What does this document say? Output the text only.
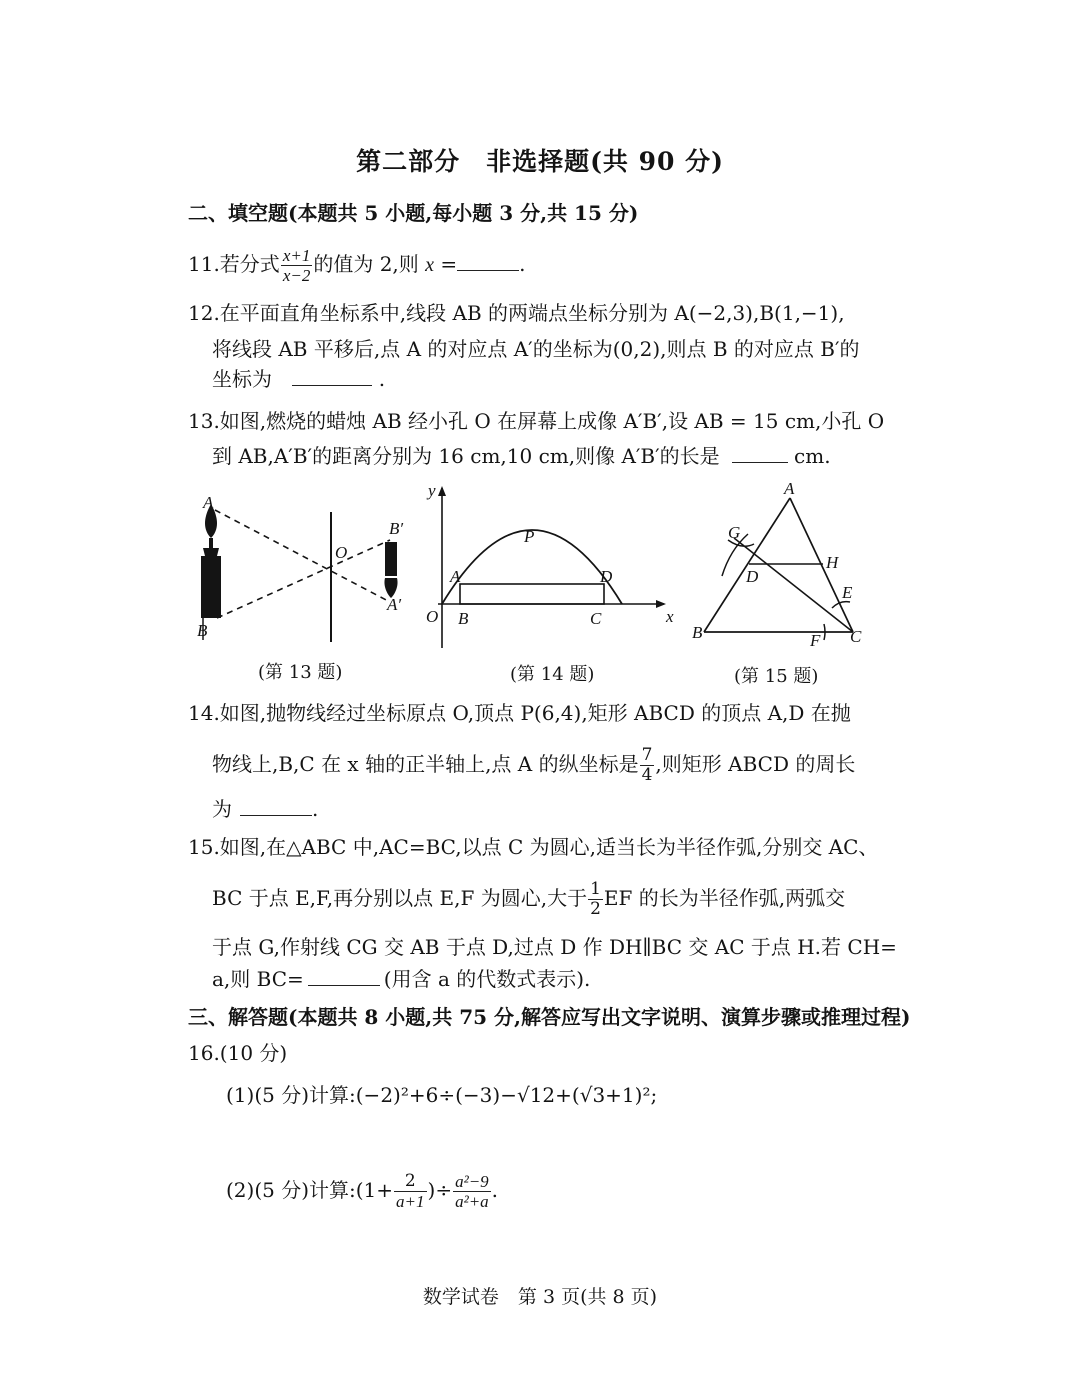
第二部分　非选择题(共 90 分)
二、填空题(本题共 5 小题,每小题 3 分,共 15 分)
11.若分式 $\frac{x+1}{x-2}$ 的值为 2,则 x =	.
12.在平面直角坐标系中,线段 AB 的两端点坐标分别为 A(−2,3),B(1,−1),
将线段 AB 平移后,点 A 的对应点 A′的坐标为(0,2),则点 B 的对应点 B′的
坐标为	.
13.如图,燃烧的蜡烛 AB 经小孔 O 在屏幕上成像 A′B′,设 AB = 15 cm,小孔 O
到 AB,A′B′的距离分别为 16 cm,10 cm,则像 A′B′的长是	cm.
A
B
O
B′
A′
(第 13 题)
y
x
O
P
A	D
B	C
(第 14 题)
A
G
D
H
E
B	F C
(第 15 题)
14.如图,抛物线经过坐标原点 O,顶点 P(6,4),矩形 ABCD 的顶点 A,D 在抛
物线上,B,C 在 x 轴的正半轴上,点 A 的纵坐标是 $\frac{7}{4}$ ,则矩形 ABCD 的周长
为	.
15.如图,在△ABC 中,AC=BC,以点 C 为圆心,适当长为半径作弧,分别交 AC、
BC 于点 E,F,再分别以点 E,F 为圆心,大于 $\frac{1}{2}$ EF 的长为半径作弧,两弧交
于点 G,作射线 CG 交 AB 于点 D,过点 D 作 DH∥BC 交 AC 于点 H.若 CH=
a,则 BC=	(用含 a 的代数式表示).
三、解答题(本题共 8 小题,共 75 分,解答应写出文字说明、演算步骤或推理过程)
16.(10 分)
(1)(5 分)计算:(−2)²+6÷(−3)−√12+(√3+1)²;
(2)(5 分)计算:(1+ $\frac{2}{a+1}$ )÷ $\frac{\text{a²−9}}{\text{a²+a}}$ .
数学试卷　第 3 页(共 8 页)
